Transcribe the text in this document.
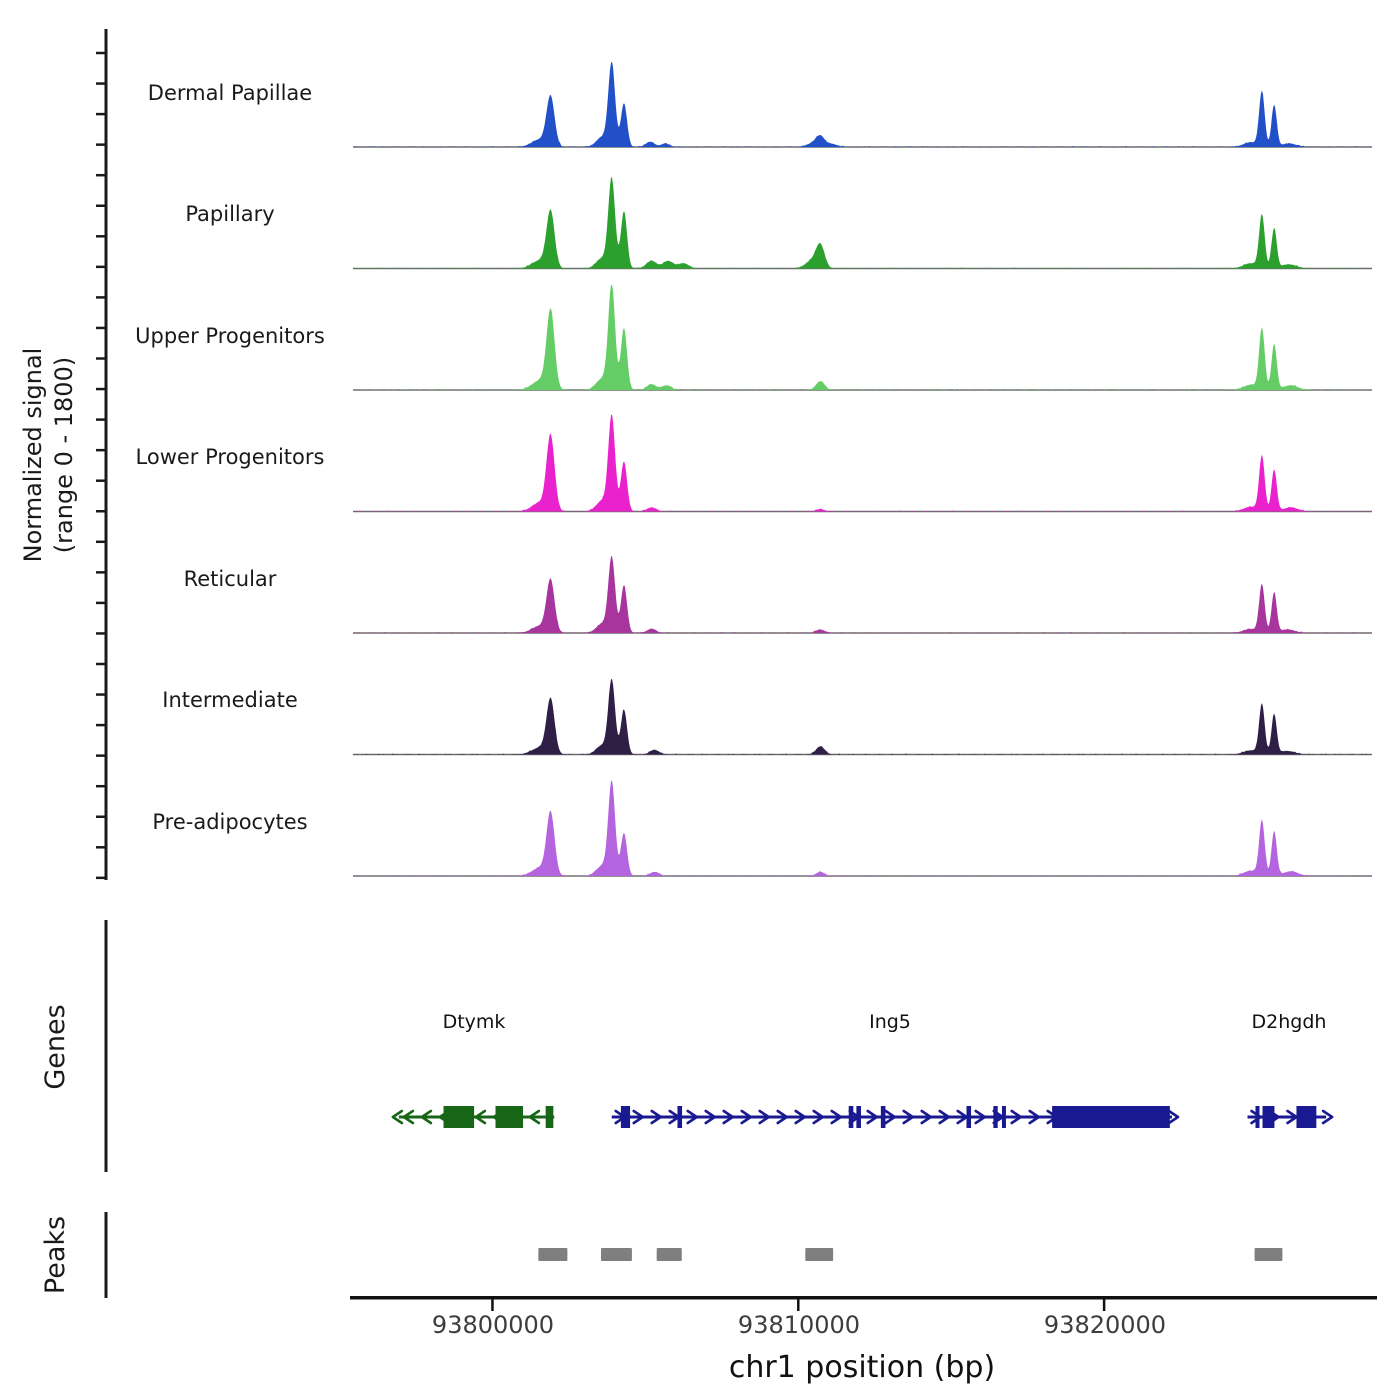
Dermal Papillae
Papillary
Upper Progenitors
Lower Progenitors
Reticular
Intermediate
Pre-adipocytes
Normalized signal (range 0 - 1800)
Genes
Peaks
Dtymk	Ing5	D2hgdh
93800000	93810000	93820000
chr1 position (bp)
